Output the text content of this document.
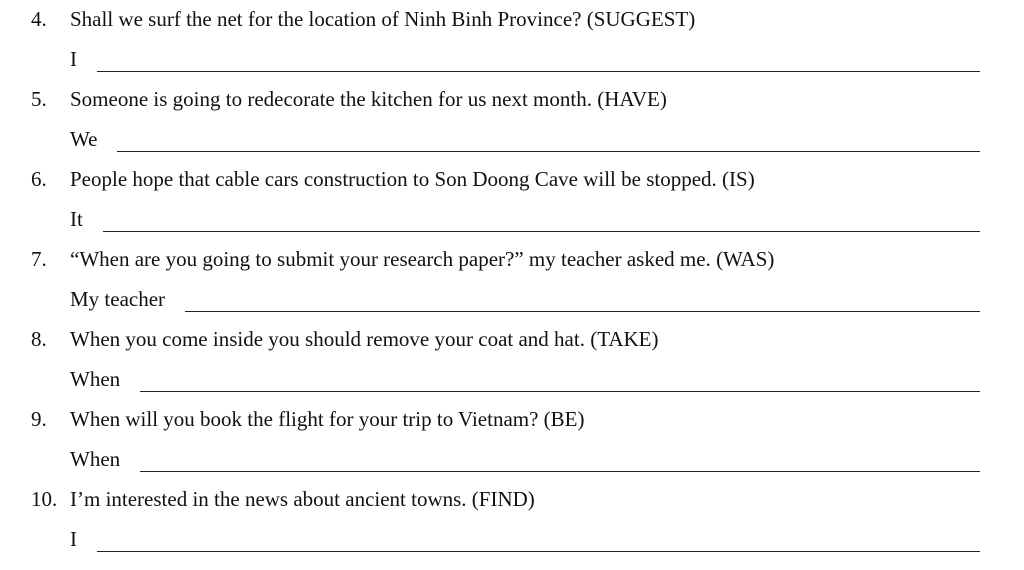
4. Shall we surf the net for the location of Ninh Binh Province? (SUGGEST)
I
5. Someone is going to redecorate the kitchen for us next month. (HAVE)
We
6. People hope that cable cars construction to Son Doong Cave will be stopped. (IS)
It
7. “When are you going to submit your research paper?” my teacher asked me. (WAS)
My teacher
8. When you come inside you should remove your coat and hat. (TAKE)
When
9. When will you book the flight for your trip to Vietnam? (BE)
When
10. I’m interested in the news about ancient towns. (FIND)
I
